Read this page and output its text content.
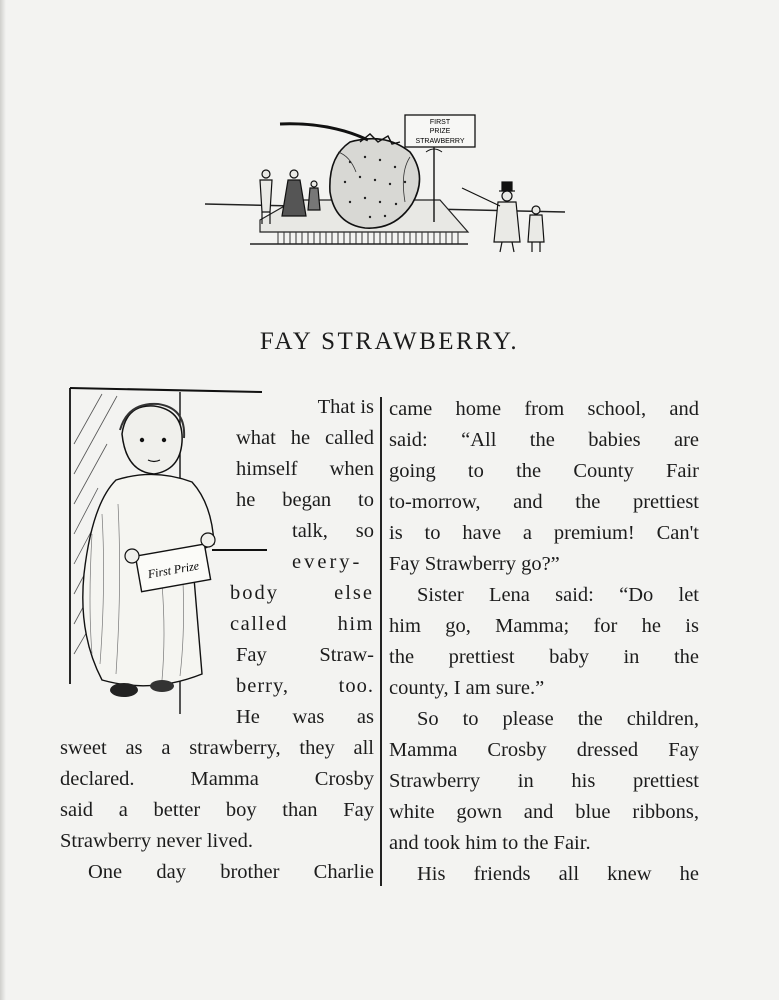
FIRST
PRIZE
STRAWBERRY
FAY STRAWBERRY.
First Prize
That is
what he called
himself when
he began to
talk, so
every-
body else
called him
Fay Straw-
berry, too.
He was as
sweet as a strawberry, they all
declared. Mamma Crosby
said a better boy than Fay
Strawberry never lived.
One day brother Charlie
came home from school, and
said: “All the babies are
going to the County Fair
to-morrow, and the prettiest
is to have a premium! Can't
Fay Strawberry go?”
Sister Lena said: “Do let
him go, Mamma; for he is
the prettiest baby in the
county, I am sure.”
So to please the children,
Mamma Crosby dressed Fay
Strawberry in his prettiest
white gown and blue ribbons,
and took him to the Fair.
His friends all knew he
